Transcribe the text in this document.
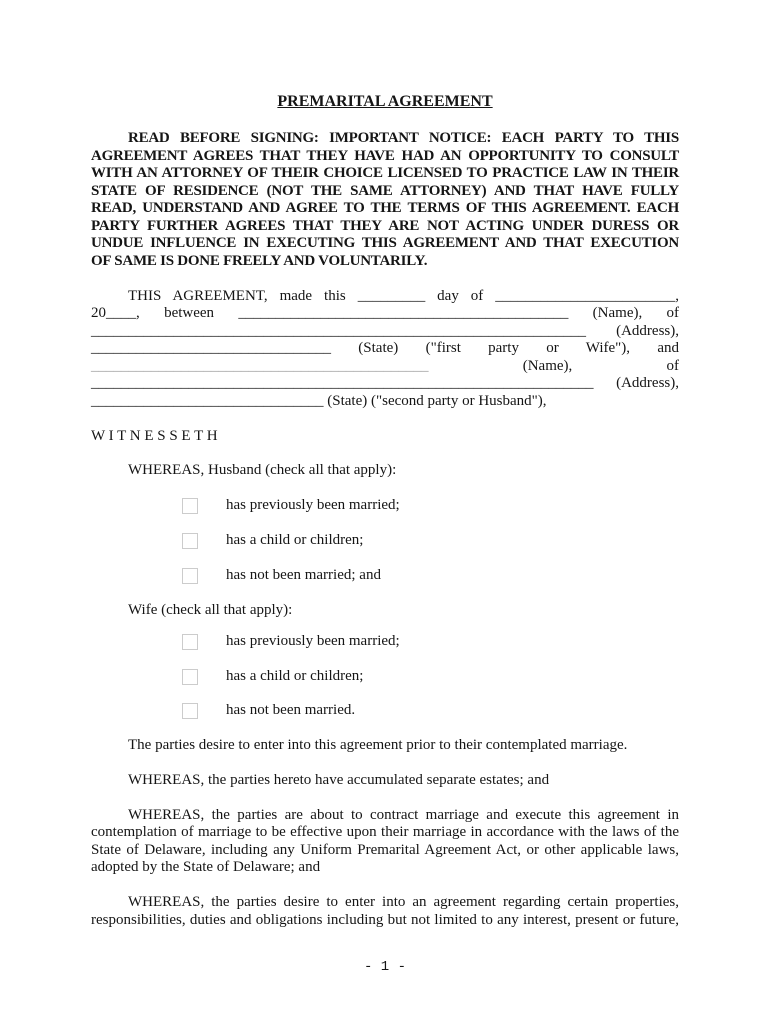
PREMARITAL AGREEMENT
READ BEFORE SIGNING: IMPORTANT NOTICE: EACH PARTY TO THIS
AGREEMENT AGREES THAT THEY HAVE HAD AN OPPORTUNITY TO CONSULT
WITH AN ATTORNEY OF THEIR CHOICE LICENSED TO PRACTICE LAW IN THEIR
STATE OF RESIDENCE (NOT THE SAME ATTORNEY) AND THAT HAVE FULLY
READ, UNDERSTAND AND AGREE TO THE TERMS OF THIS AGREEMENT. EACH
PARTY FURTHER AGREES THAT THEY ARE NOT ACTING UNDER DURESS OR
UNDUE INFLUENCE IN EXECUTING THIS AGREEMENT AND THAT EXECUTION
OF SAME IS DONE FREELY AND VOLUNTARILY.
THIS AGREEMENT, made this _________ day of ________________________,
20____, between ____________________________________________ (Name), of
__________________________________________________________________ (Address),
________________________________ (State) ("first party or Wife"), and
_____________________________________________	(Name), of
___________________________________________________________________ (Address),
_______________________________ (State) ("second party or Husband"),
W I T N E S S E T H
WHEREAS, Husband (check all that apply):
has previously been married;
has a child or children;
has not been married; and
Wife (check all that apply):
has previously been married;
has a child or children;
has not been married.
The parties desire to enter into this agreement prior to their contemplated marriage.
WHEREAS, the parties hereto have accumulated separate estates; and
WHEREAS, the parties are about to contract marriage and execute this agreement in
contemplation of marriage to be effective upon their marriage in accordance with the laws of the
State of Delaware, including any Uniform Premarital Agreement Act, or other applicable laws,
adopted by the State of Delaware; and
WHEREAS, the parties desire to enter into an agreement regarding certain properties,
responsibilities, duties and obligations including but not limited to any interest, present or future,
- 1 -
